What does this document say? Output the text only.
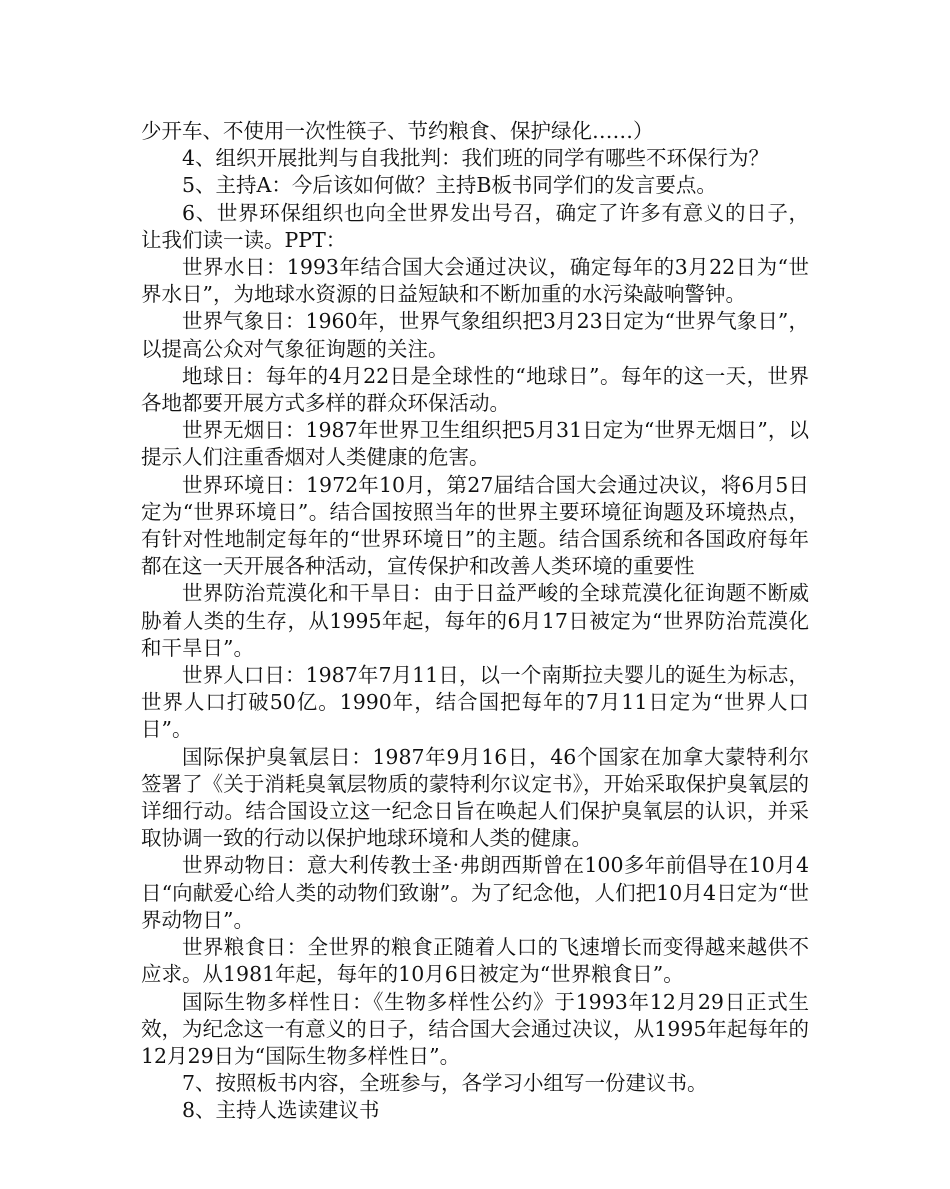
少开车、不使用一次性筷子、节约粮食、保护绿化……）

4、组织开展批判与自我批判：我们班的同学有哪些不环保行为？

5、主持A：今后该如何做？主持B板书同学们的发言要点。

6、世界环保组织也向全世界发出号召，确定了许多有意义的日子，让我们读一读。PPT：

世界水日：1993年结合国大会通过决议，确定每年的3月22日为“世界水日”，为地球水资源的日益短缺和不断加重的水污染敲响警钟。

世界气象日：1960年，世界气象组织把3月23日定为“世界气象日”，以提高公众对气象征询题的关注。

地球日：每年的4月22日是全球性的“地球日”。每年的这一天，世界各地都要开展方式多样的群众环保活动。

世界无烟日：1987年世界卫生组织把5月31日定为“世界无烟日”，以提示人们注重香烟对人类健康的危害。

世界环境日：1972年10月，第27届结合国大会通过决议，将6月5日定为“世界环境日”。结合国按照当年的世界主要环境征询题及环境热点，有针对性地制定每年的“世界环境日”的主题。结合国系统和各国政府每年都在这一天开展各种活动，宣传保护和改善人类环境的重要性

世界防治荒漠化和干旱日：由于日益严峻的全球荒漠化征询题不断威胁着人类的生存，从1995年起，每年的6月17日被定为“世界防治荒漠化和干旱日”。

世界人口日：1987年7月11日，以一个南斯拉夫婴儿的诞生为标志，世界人口打破50亿。1990年，结合国把每年的7月11日定为“世界人口日”。

国际保护臭氧层日：1987年9月16日，46个国家在加拿大蒙特利尔签署了《关于消耗臭氧层物质的蒙特利尔议定书》，开始采取保护臭氧层的详细行动。结合国设立这一纪念日旨在唤起人们保护臭氧层的认识，并采取协调一致的行动以保护地球环境和人类的健康。

世界动物日：意大利传教士圣·弗朗西斯曾在100多年前倡导在10月4日“向献爱心给人类的动物们致谢”。为了纪念他，人们把10月4日定为“世界动物日”。

世界粮食日：全世界的粮食正随着人口的飞速增长而变得越来越供不应求。从1981年起，每年的10月6日被定为“世界粮食日”。

国际生物多样性日：《生物多样性公约》于1993年12月29日正式生效，为纪念这一有意义的日子，结合国大会通过决议，从1995年起每年的12月29日为“国际生物多样性日”。

7、按照板书内容，全班参与，各学习小组写一份建议书。

8、主持人选读建议书
